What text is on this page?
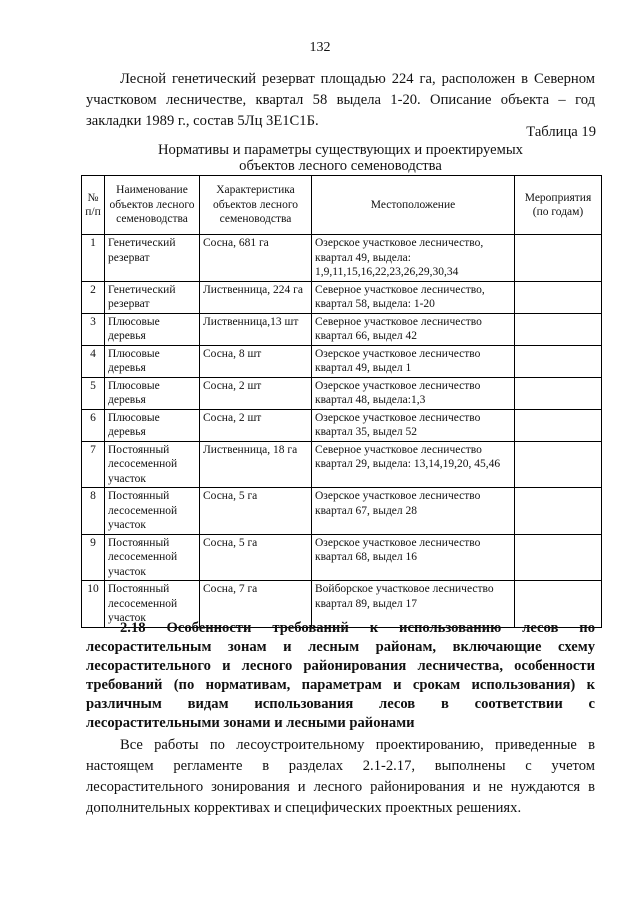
132

Лесной генетический резерват площадью 224 га, расположен в Северном участковом лесничестве, квартал 58 выдела 1-20. Описание объекта – год закладки 1989 г., состав 5Лц 3Е1С1Б.

Таблица 19
Нормативы и параметры существующих и проектируемых
объектов лесного семеноводства
№ п/п	Наименование объектов лесного семеноводства	Характеристика объектов лесного семеноводства	Местоположение	Мероприятия (по годам)
1	Генетический резерват	Сосна, 681 га	Озерское участковое лесничество, квартал 49, выдела: 1,9,11,15,16,22,23,26,29,30,34	
2	Генетический резерват	Лиственница, 224 га	Северное участковое лесничество, квартал 58, выдела: 1-20	
3	Плюсовые деревья	Лиственница,13 шт	Северное участковое лесничество квартал 66, выдел 42	
4	Плюсовые деревья	Сосна, 8 шт	Озерское участковое лесничество квартал 49, выдел 1	
5	Плюсовые деревья	Сосна, 2 шт	Озерское участковое лесничество квартал 48, выдела:1,3	
6	Плюсовые деревья	Сосна, 2 шт	Озерское участковое лесничество квартал 35, выдел 52	
7	Постоянный лесосеменной участок	Лиственница, 18 га	Северное участковое лесничество квартал 29, выдела: 13,14,19,20, 45,46	
8	Постоянный лесосеменной участок	Сосна, 5 га	Озерское участковое лесничество квартал 67, выдел 28	
9	Постоянный лесосеменной участок	Сосна, 5 га	Озерское участковое лесничество квартал 68, выдел 16	
10	Постоянный лесосеменной участок	Сосна, 7 га	Войборское участковое лесничество квартал 89, выдел 17	

2.18 Особенности требований к использованию лесов по лесорастительным зонам и лесным районам, включающие схему лесорастительного и лесного районирования лесничества, особенности требований (по нормативам, параметрам и срокам использования) к различным видам использования лесов в соответствии с лесорастительными зонами и лесными районами

Все работы по лесоустроительному проектированию, приведенные в настоящем регламенте в разделах 2.1-2.17, выполнены с учетом лесорастительного зонирования и лесного районирования и не нуждаются в дополнительных коррективах и специфических проектных решениях.
